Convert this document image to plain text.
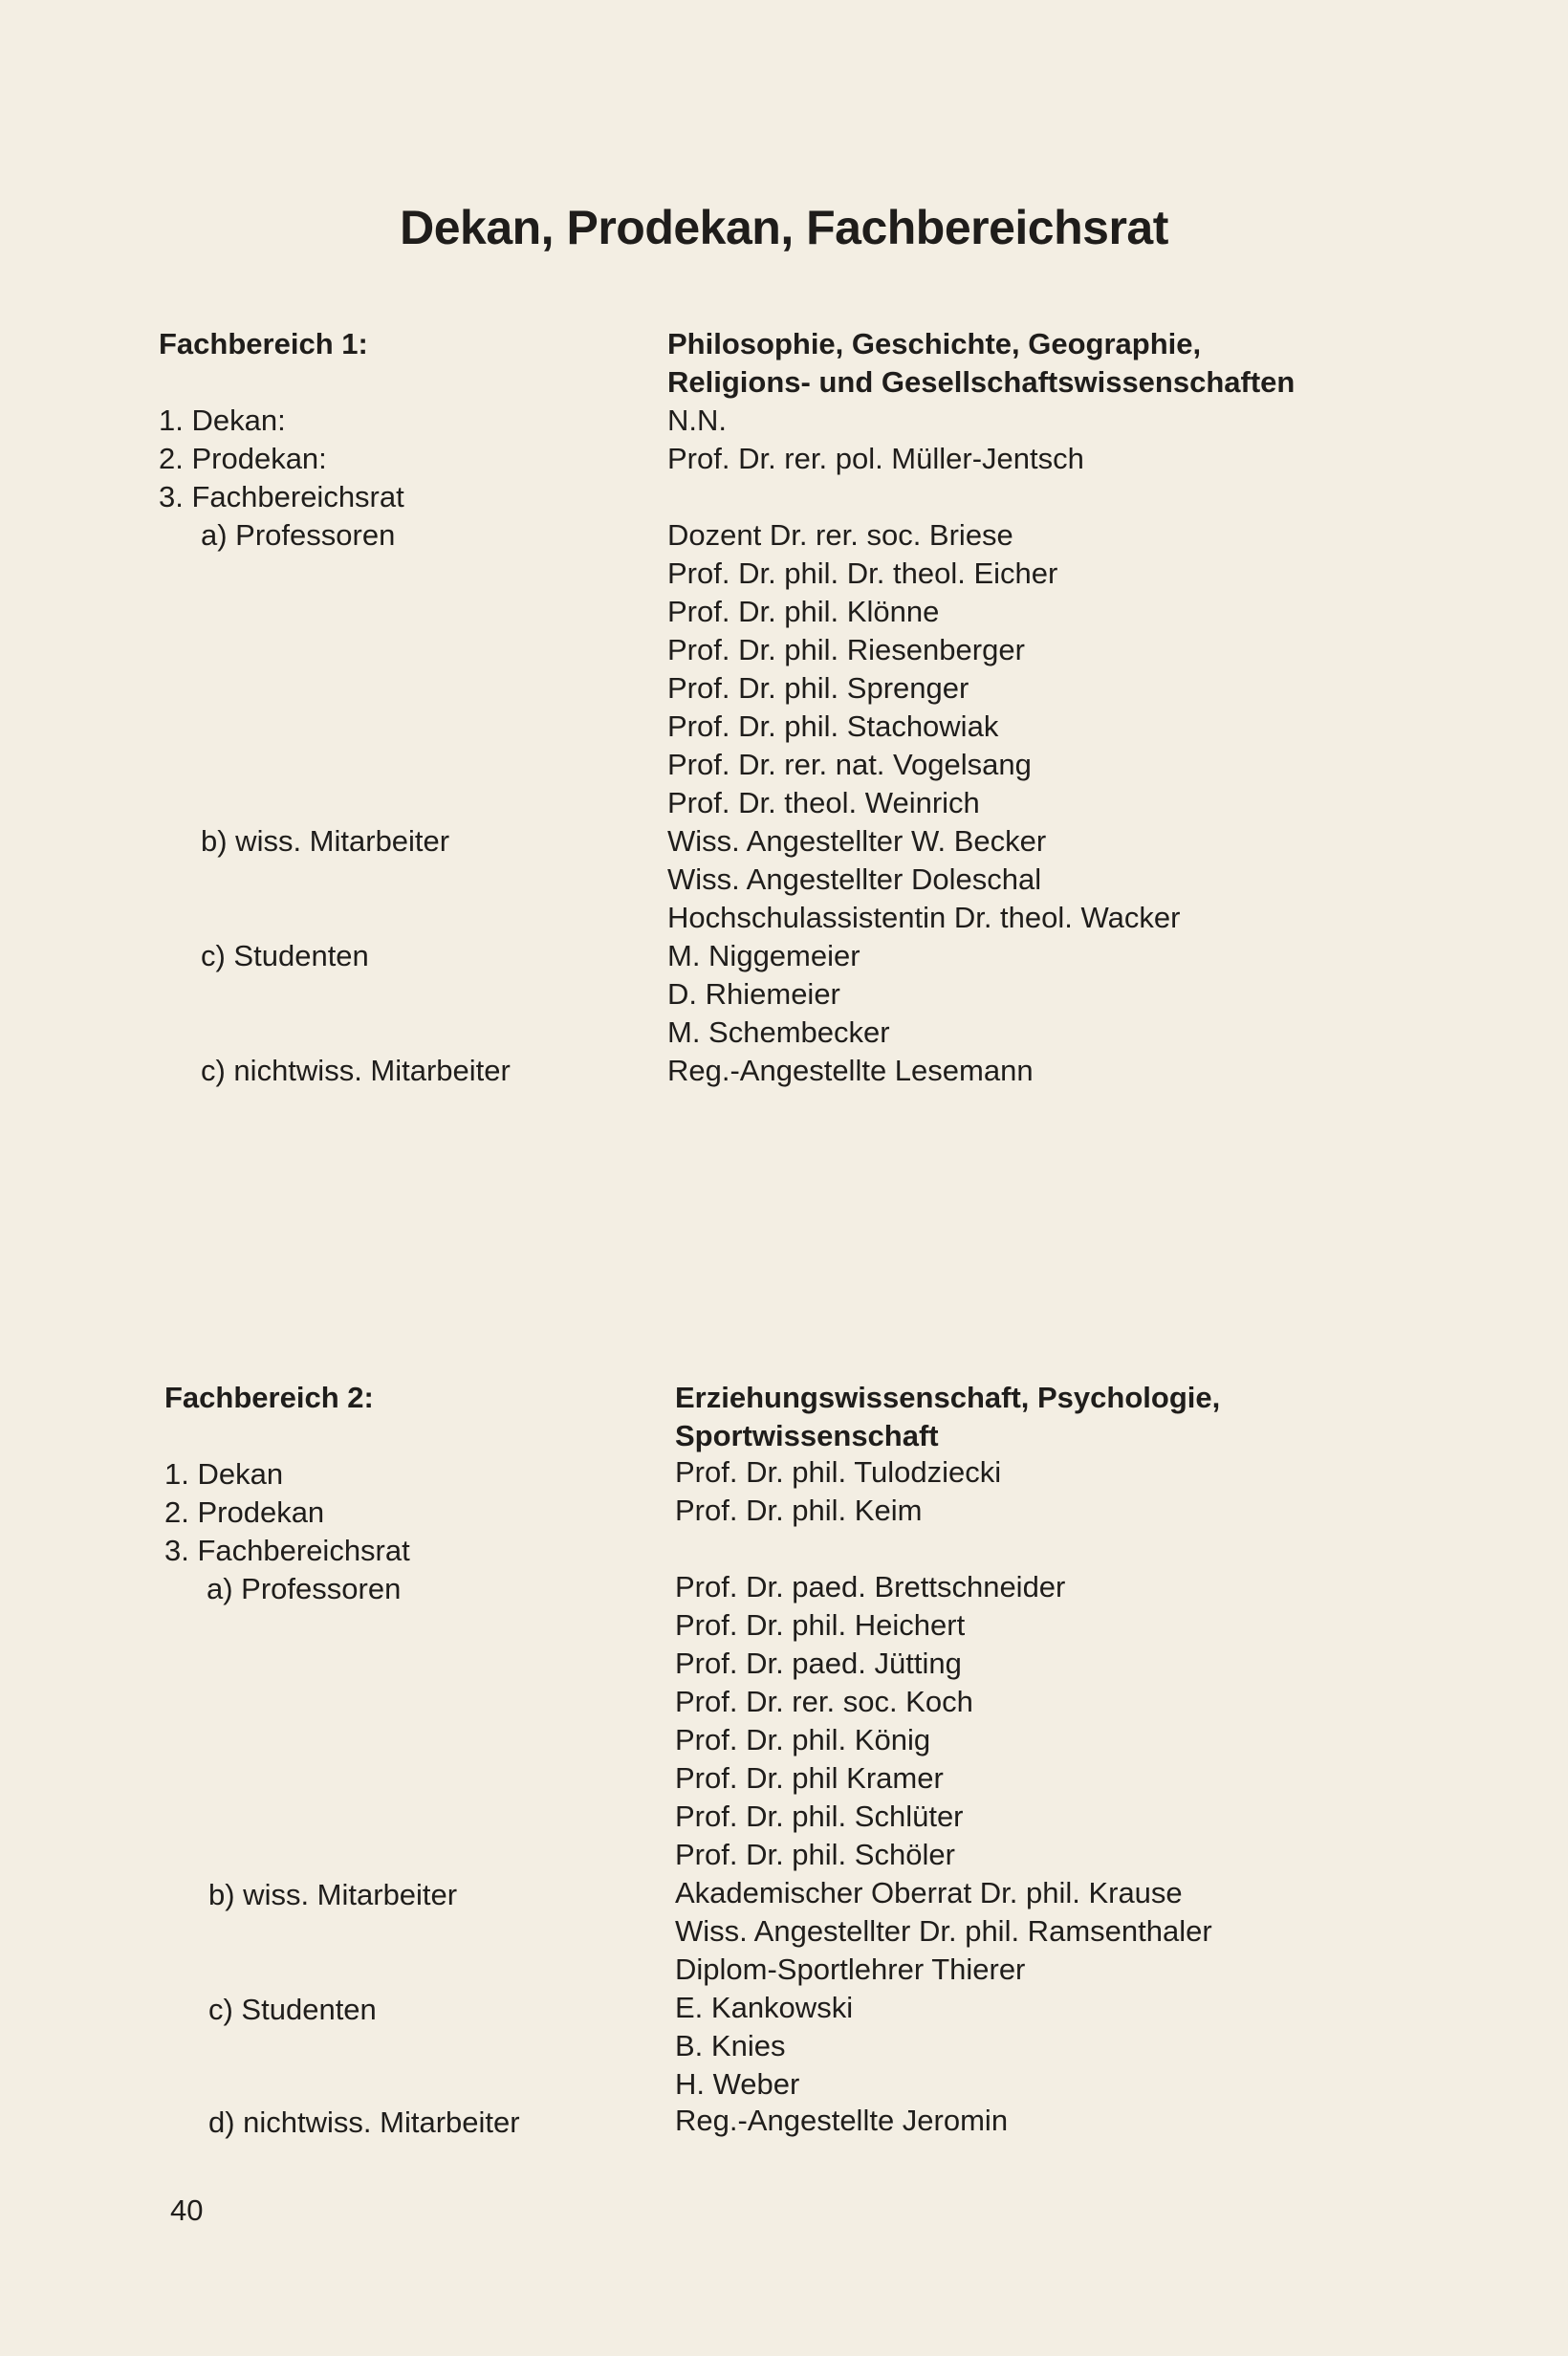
Dekan, Prodekan, Fachbereichsrat
Fachbereich 1:	Philosophie, Geschichte, Geographie,
Religions- und Gesellschaftswissenschaften
1. Dekan:	N.N.
2. Prodekan:	Prof. Dr. rer. pol. Müller-Jentsch
3. Fachbereichsrat
a) Professoren	Dozent Dr. rer. soc. Briese
Prof. Dr. phil. Dr. theol. Eicher
Prof. Dr. phil. Klönne
Prof. Dr. phil. Riesenberger
Prof. Dr. phil. Sprenger
Prof. Dr. phil. Stachowiak
Prof. Dr. rer. nat. Vogelsang
Prof. Dr. theol. Weinrich
b) wiss. Mitarbeiter	Wiss. Angestellter W. Becker
Wiss. Angestellter Doleschal
Hochschulassistentin Dr. theol. Wacker
c) Studenten	M. Niggemeier
D. Rhiemeier
M. Schembecker
c) nichtwiss. Mitarbeiter	Reg.-Angestellte Lesemann
Fachbereich 2:	Erziehungswissenschaft, Psychologie,
Sportwissenschaft
1. Dekan	Prof. Dr. phil. Tulodziecki
2. Prodekan	Prof. Dr. phil. Keim
3. Fachbereichsrat
a) Professoren	Prof. Dr. paed. Brettschneider
Prof. Dr. phil. Heichert
Prof. Dr. paed. Jütting
Prof. Dr. rer. soc. Koch
Prof. Dr. phil. König
Prof. Dr. phil Kramer
Prof. Dr. phil. Schlüter
Prof. Dr. phil. Schöler
b) wiss. Mitarbeiter	Akademischer Oberrat Dr. phil. Krause
Wiss. Angestellter Dr. phil. Ramsenthaler
Diplom-Sportlehrer Thierer
c) Studenten	E. Kankowski
B. Knies
H. Weber
d) nichtwiss. Mitarbeiter	Reg.-Angestellte Jeromin
40
